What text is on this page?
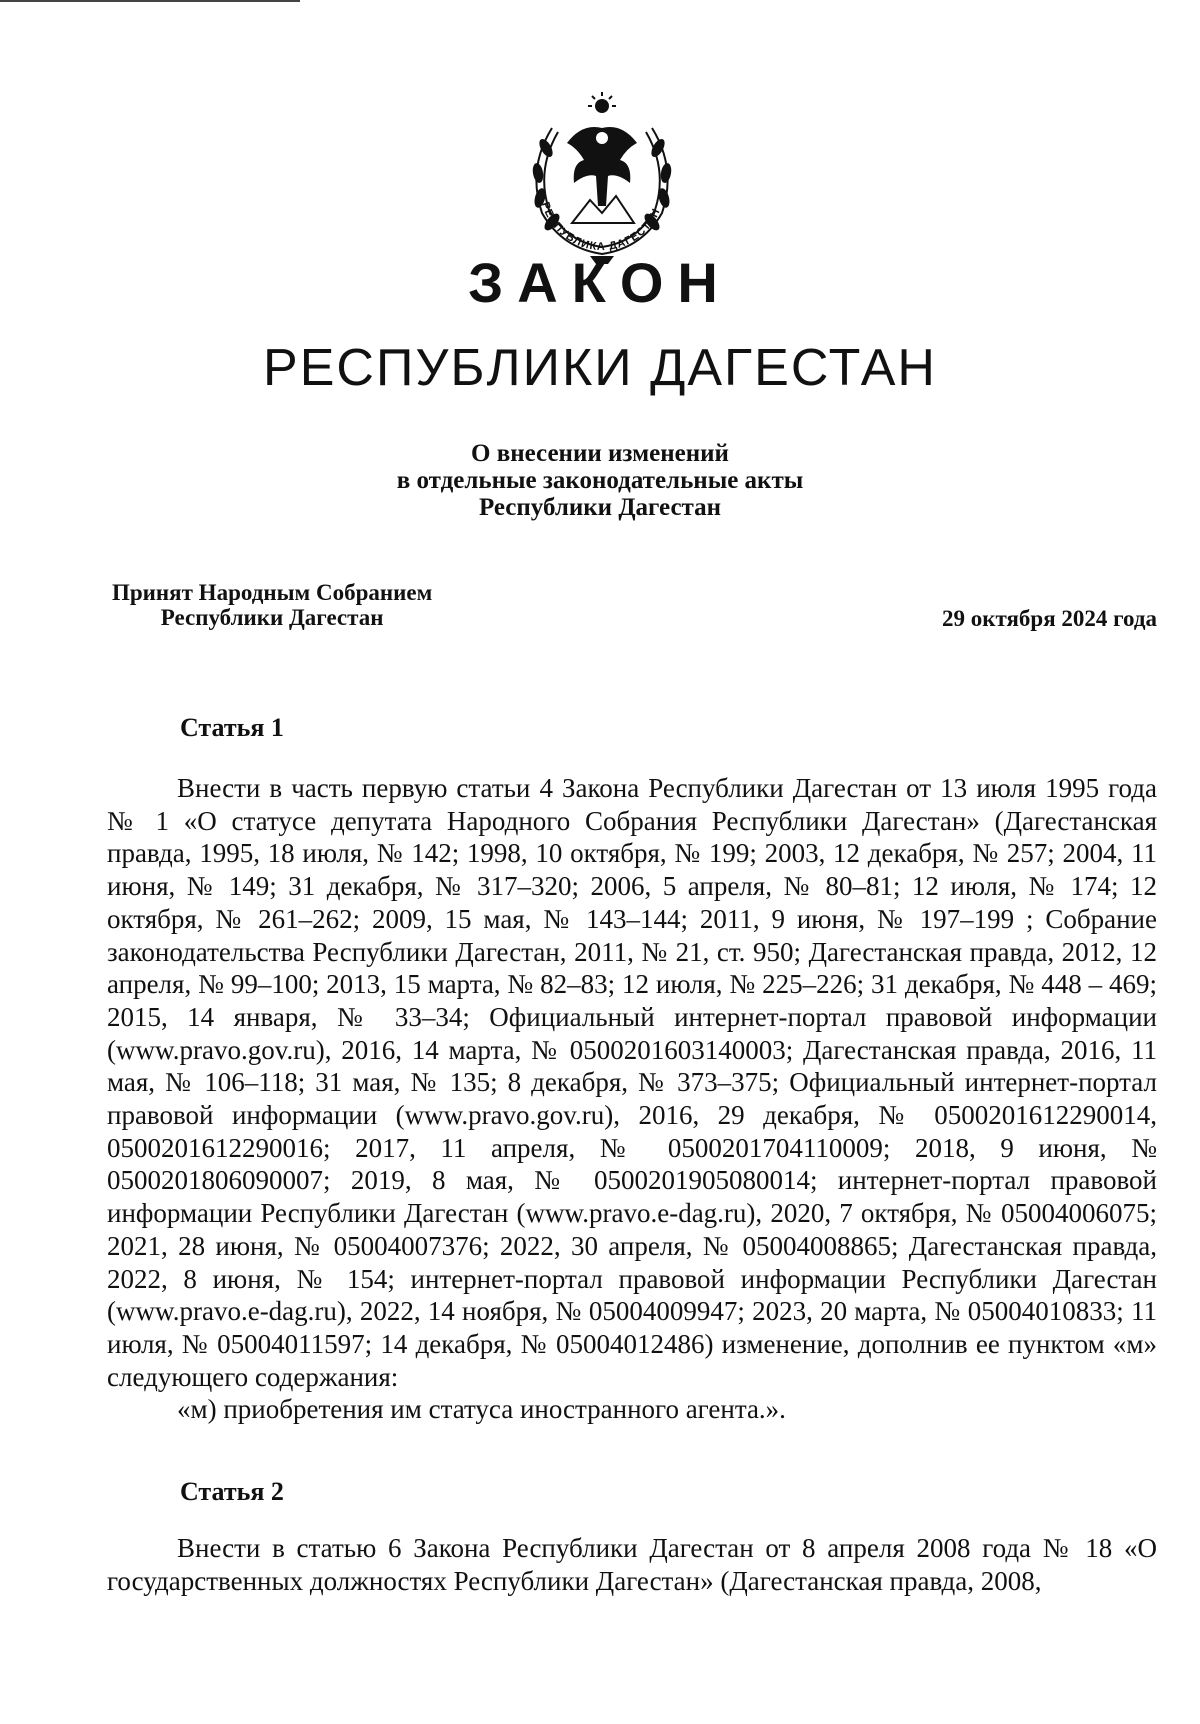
РЕСПУБЛИКА ДАГЕСТАН
ЗАКОН
РЕСПУБЛИКИ ДАГЕСТАН
О внесении изменений
в отдельные законодательные акты
Республики Дагестан
Принят Народным Собранием
Республики Дагестан	29 октября 2024 года
Статья 1

Внести в часть первую статьи 4 Закона Республики Дагестан от 13 июля 1995 года № 1 «О статусе депутата Народного Собрания Республики Дагестан» (Дагестанская правда, 1995, 18 июля, № 142; 1998, 10 октября, № 199; 2003, 12 декабря, № 257; 2004, 11 июня, № 149; 31 декабря, № 317–320; 2006, 5 апреля, № 80–81; 12 июля, № 174; 12 октября, № 261–262; 2009, 15 мая, № 143–144; 2011, 9 июня, № 197–199 ; Собрание законодательства Республики Дагестан, 2011, № 21, ст. 950; Дагестанская правда, 2012, 12 апреля, № 99–100; 2013, 15 марта, № 82–83; 12 июля, № 225–226; 31 декабря, № 448 – 469; 2015, 14 января, № 33–34; Официальный интернет-портал правовой информации (www.pravo.gov.ru), 2016, 14 марта, № 0500201603140003; Дагестанская правда, 2016, 11 мая, № 106–118; 31 мая, № 135; 8 декабря, № 373–375; Официальный интернет-портал правовой информации (www.pravo.gov.ru), 2016, 29 декабря, № 0500201612290014, 0500201612290016; 2017, 11 апреля, № 0500201704110009; 2018, 9 июня, № 0500201806090007; 2019, 8 мая, № 0500201905080014; интернет-портал правовой информации Республики Дагестан (www.pravo.e-dag.ru), 2020, 7 октября, № 05004006075; 2021, 28 июня, № 05004007376; 2022, 30 апреля, № 05004008865; Дагестанская правда, 2022, 8 июня, № 154; интернет-портал правовой информации Республики Дагестан (www.pravo.e-dag.ru), 2022, 14 ноября, № 05004009947; 2023, 20 марта, № 05004010833; 11 июля, № 05004011597; 14 декабря, № 05004012486) изменение, дополнив ее пунктом «м» следующего содержания:

«м) приобретения им статуса иностранного агента.».

Статья 2

Внести в статью 6 Закона Республики Дагестан от 8 апреля 2008 года № 18 «О государственных должностях Республики Дагестан» (Дагестанская правда, 2008,
